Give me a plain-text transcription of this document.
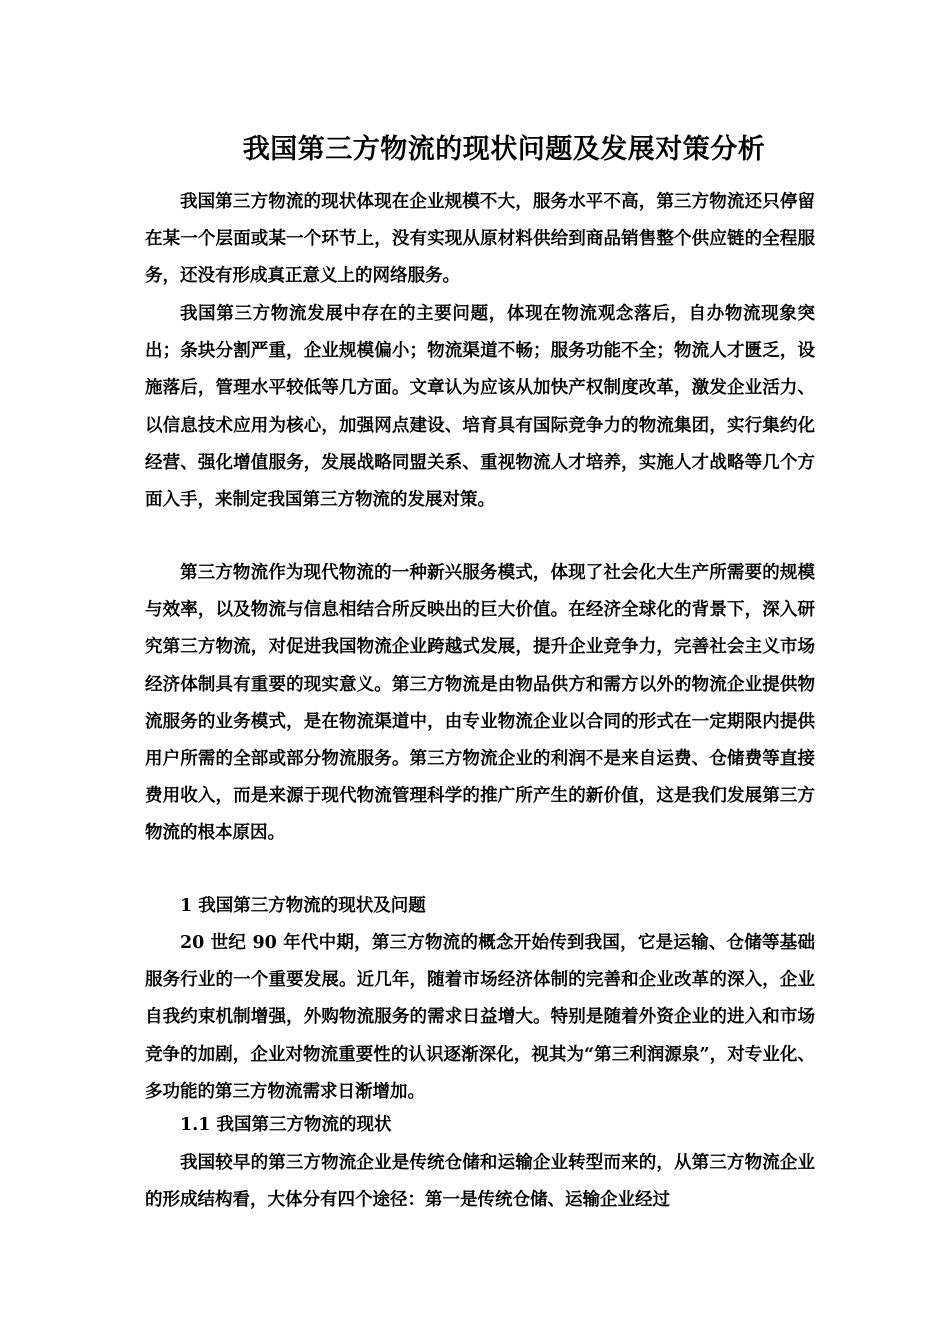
我国第三方物流的现状问题及发展对策分析

我国第三方物流的现状体现在企业规模不大，服务水平不高，第三方物流还只停留在某一个层面或某一个环节上，没有实现从原材料供给到商品销售整个供应链的全程服务，还没有形成真正意义上的网络服务。

我国第三方物流发展中存在的主要问题，体现在物流观念落后，自办物流现象突出；条块分割严重，企业规模偏小；物流渠道不畅；服务功能不全；物流人才匮乏，设施落后，管理水平较低等几方面。文章认为应该从加快产权制度改革，激发企业活力、以信息技术应用为核心，加强网点建设、培育具有国际竞争力的物流集团，实行集约化经营、强化增值服务，发展战略同盟关系、重视物流人才培养，实施人才战略等几个方面入手，来制定我国第三方物流的发展对策。

第三方物流作为现代物流的一种新兴服务模式，体现了社会化大生产所需要的规模与效率，以及物流与信息相结合所反映出的巨大价值。在经济全球化的背景下，深入研究第三方物流，对促进我国物流企业跨越式发展，提升企业竞争力，完善社会主义市场经济体制具有重要的现实意义。第三方物流是由物品供方和需方以外的物流企业提供物流服务的业务模式，是在物流渠道中，由专业物流企业以合同的形式在一定期限内提供用户所需的全部或部分物流服务。第三方物流企业的利润不是来自运费、仓储费等直接费用收入，而是来源于现代物流管理科学的推广所产生的新价值，这是我们发展第三方物流的根本原因。

1 我国第三方物流的现状及问题

20 世纪 90 年代中期，第三方物流的概念开始传到我国，它是运输、仓储等基础服务行业的一个重要发展。近几年，随着市场经济体制的完善和企业改革的深入，企业自我约束机制增强，外购物流服务的需求日益增大。特别是随着外资企业的进入和市场竞争的加剧，企业对物流重要性的认识逐渐深化，视其为“第三利润源泉”，对专业化、多功能的第三方物流需求日渐增加。

1.1 我国第三方物流的现状

我国较早的第三方物流企业是传统仓储和运输企业转型而来的，从第三方物流企业的形成结构看，大体分有四个途径：第一是传统仓储、运输企业经过
